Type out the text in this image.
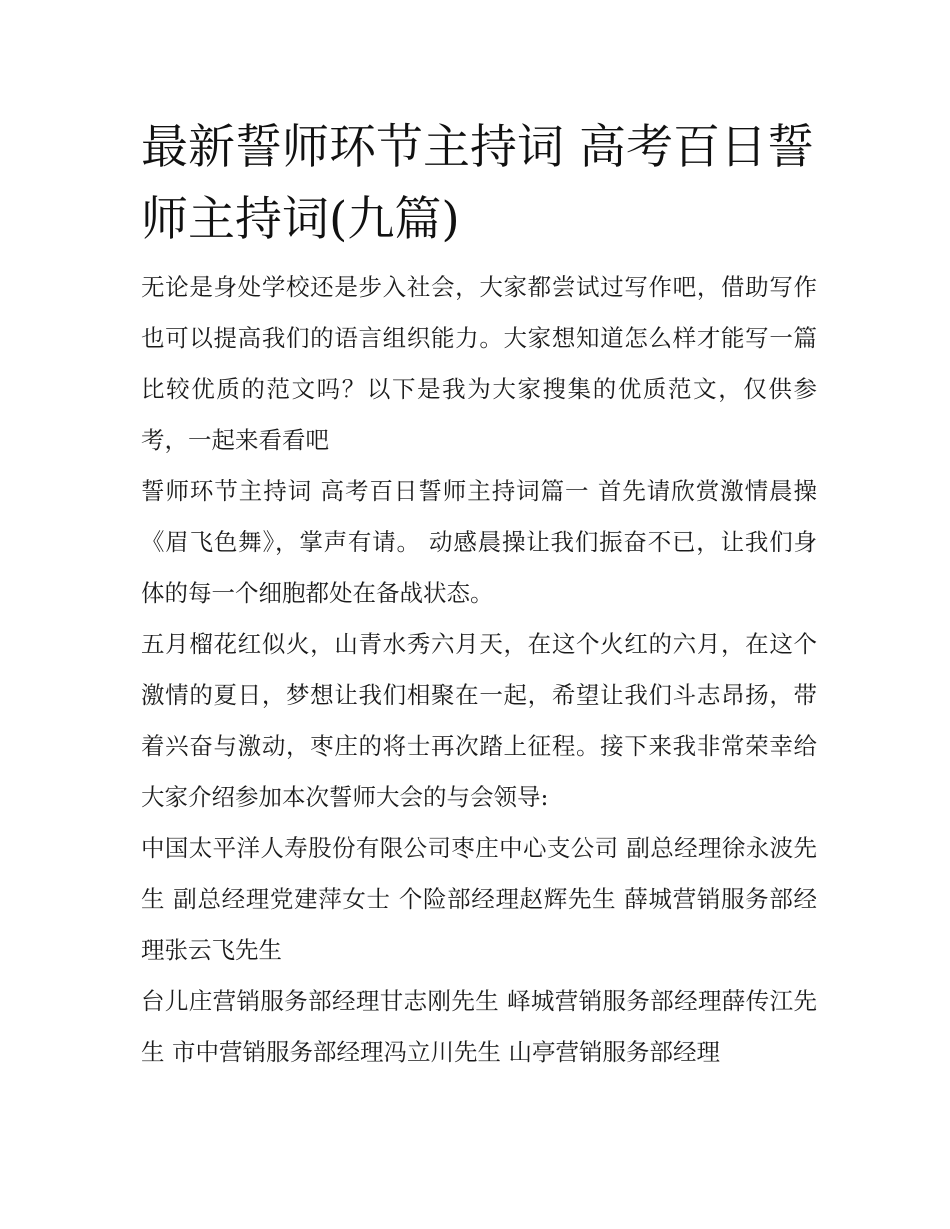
最新誓师环节主持词 高考百日誓师主持词(九篇)

无论是身处学校还是步入社会，大家都尝试过写作吧，借助写作也可以提高我们的语言组织能力。大家想知道怎么样才能写一篇比较优质的范文吗？以下是我为大家搜集的优质范文，仅供参考，一起来看看吧

誓师环节主持词 高考百日誓师主持词篇一 首先请欣赏激情晨操《眉飞色舞》，掌声有请。 动感晨操让我们振奋不已，让我们身体的每一个细胞都处在备战状态。

五月榴花红似火，山青水秀六月天，在这个火红的六月，在这个激情的夏日，梦想让我们相聚在一起，希望让我们斗志昂扬，带着兴奋与激动，枣庄的将士再次踏上征程。接下来我非常荣幸给大家介绍参加本次誓师大会的与会领导:

中国太平洋人寿股份有限公司枣庄中心支公司 副总经理徐永波先生 副总经理党建萍女士 个险部经理赵辉先生 薛城营销服务部经理张云飞先生

台儿庄营销服务部经理甘志刚先生 峄城营销服务部经理薛传江先生 市中营销服务部经理冯立川先生 山亭营销服务部经理
